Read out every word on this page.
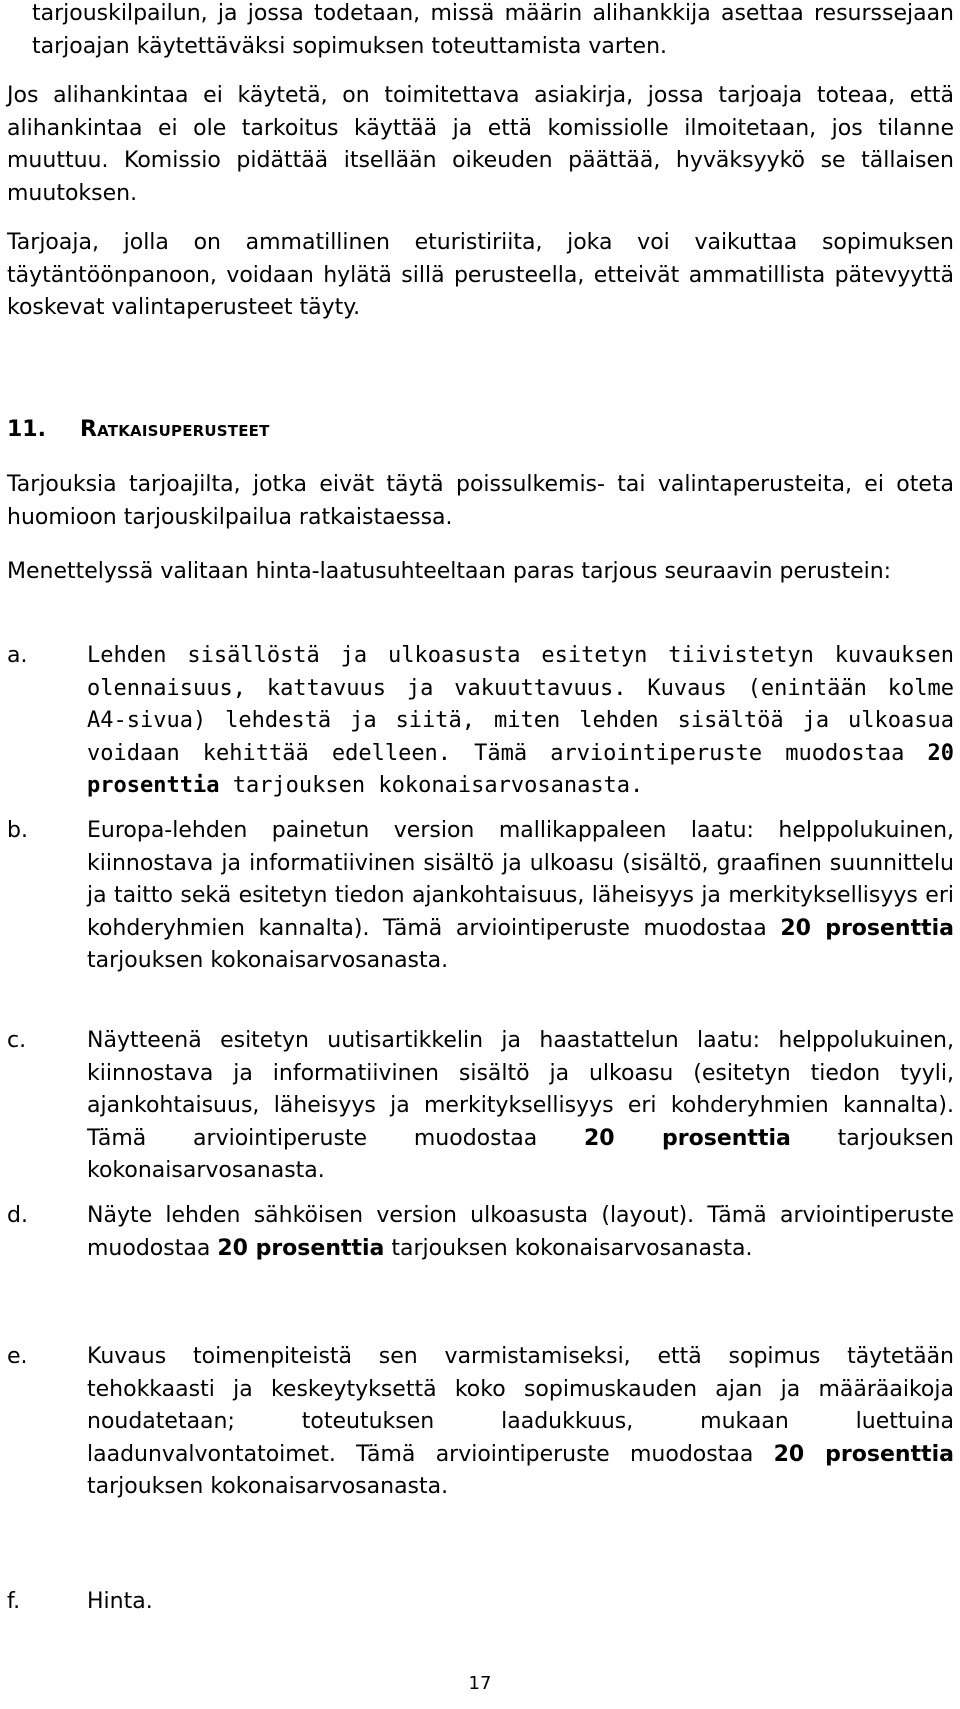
tarjouskilpailun, ja jossa todetaan, missä määrin alihankkija asettaa resurssejaan tarjoajan käytettäväksi sopimuksen toteuttamista varten.

Jos alihankintaa ei käytetä, on toimitettava asiakirja, jossa tarjoaja toteaa, että alihankintaa ei ole tarkoitus käyttää ja että komissiolle ilmoitetaan, jos tilanne muuttuu. Komissio pidättää itsellään oikeuden päättää, hyväksyykö se tällaisen muutoksen.

Tarjoaja, jolla on ammatillinen eturistiriita, joka voi vaikuttaa sopimuksen täytäntöönpanoon, voidaan hylätä sillä perusteella, etteivät ammatillista pätevyyttä koskevat valintaperusteet täyty.

11. Ratkaisuperusteet

Tarjouksia tarjoajilta, jotka eivät täytä poissulkemis- tai valintaperusteita, ei oteta huomioon tarjouskilpailua ratkaistaessa.

Menettelyssä valitaan hinta-laatusuhteeltaan paras tarjous seuraavin perustein:

a.	Lehden sisällöstä ja ulkoasusta esitetyn tiivistetyn kuvauksen olennaisuus, kattavuus ja vakuuttavuus. Kuvaus (enintään kolme A4-sivua) lehdestä ja siitä, miten lehden sisältöä ja ulkoasua voidaan kehittää edelleen. Tämä arviointiperuste muodostaa 20 prosenttia tarjouksen kokonaisarvosanasta.
b.	Europa-lehden painetun version mallikappaleen laatu: helppolukuinen, kiinnostava ja informatiivinen sisältö ja ulkoasu (sisältö, graafinen suunnittelu ja taitto sekä esitetyn tiedon ajankohtaisuus, läheisyys ja merkityksellisyys eri kohderyhmien kannalta). Tämä arviointiperuste muodostaa 20 prosenttia tarjouksen kokonaisarvosanasta.
c.	Näytteenä esitetyn uutisartikkelin ja haastattelun laatu: helppolukuinen, kiinnostava ja informatiivinen sisältö ja ulkoasu (esitetyn tiedon tyyli, ajankohtaisuus, läheisyys ja merkityksellisyys eri kohderyhmien kannalta). Tämä arviointiperuste muodostaa 20 prosenttia tarjouksen kokonaisarvosanasta.
d.	Näyte lehden sähköisen version ulkoasusta (layout). Tämä arviointiperuste muodostaa 20 prosenttia tarjouksen kokonaisarvosanasta.
e.	Kuvaus toimenpiteistä sen varmistamiseksi, että sopimus täytetään tehokkaasti ja keskeytyksettä koko sopimuskauden ajan ja määräaikoja noudatetaan; toteutuksen laadukkuus, mukaan luettuina laadunvalvontatoimet. Tämä arviointiperuste muodostaa 20 prosenttia tarjouksen kokonaisarvosanasta.
f.	Hinta.
17
